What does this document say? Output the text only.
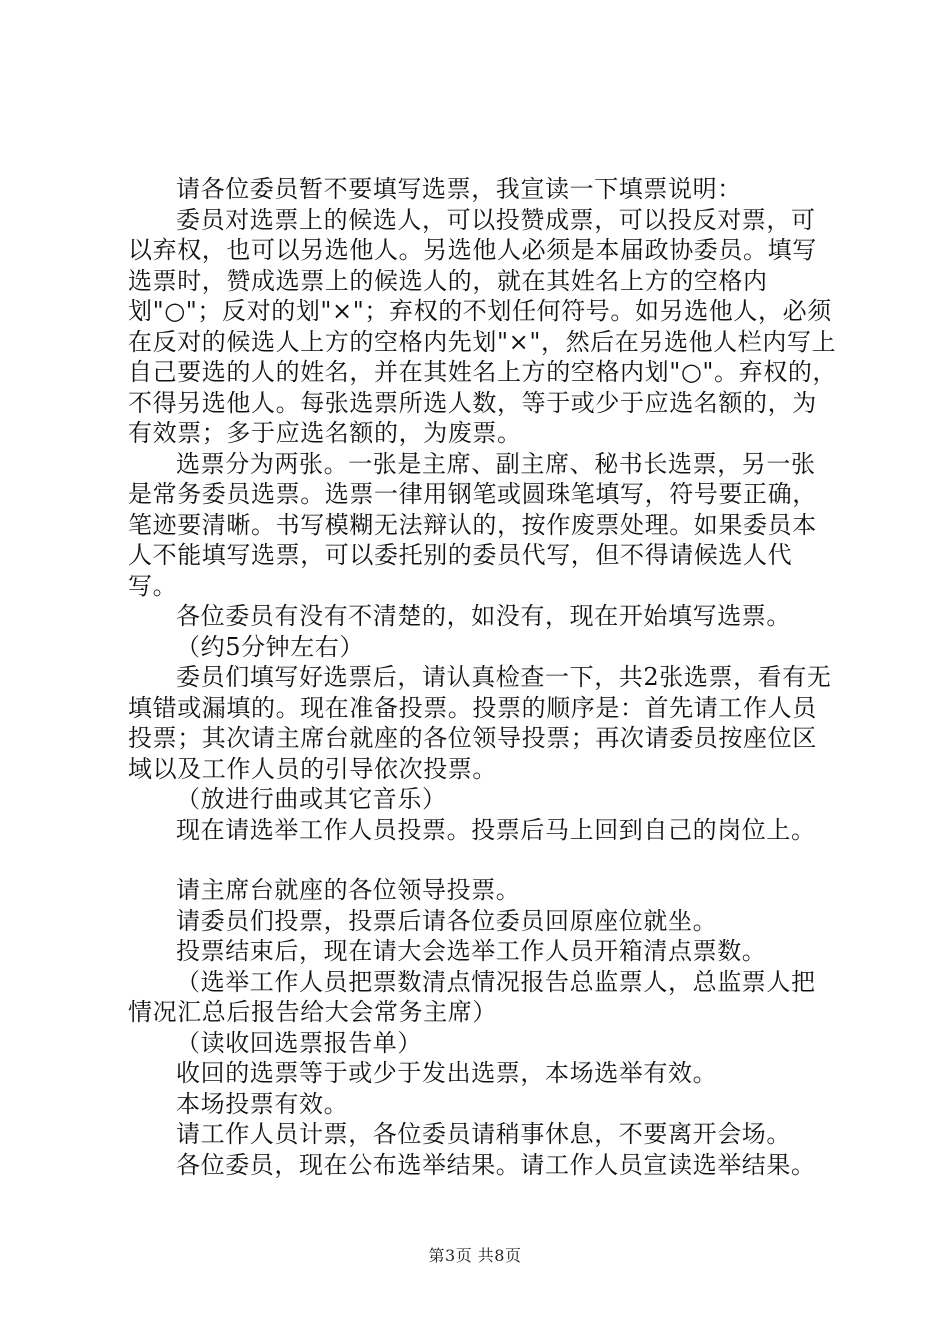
请各位委员暂不要填写选票，我宣读一下填票说明：

委员对选票上的候选人，可以投赞成票，可以投反对票，可以弃权，也可以另选他人。另选他人必须是本届政协委员。填写选票时，赞成选票上的候选人的，就在其姓名上方的空格内划"○"；反对的划"×"；弃权的不划任何符号。如另选他人，必须在反对的候选人上方的空格内先划"×"，然后在另选他人栏内写上自己要选的人的姓名，并在其姓名上方的空格内划"○"。弃权的，不得另选他人。每张选票所选人数，等于或少于应选名额的，为有效票；多于应选名额的，为废票。

选票分为两张。一张是主席、副主席、秘书长选票，另一张是常务委员选票。选票一律用钢笔或圆珠笔填写，符号要正确，笔迹要清晰。书写模糊无法辩认的，按作废票处理。如果委员本人不能填写选票，可以委托别的委员代写，但不得请候选人代写。

各位委员有没有不清楚的，如没有，现在开始填写选票。

（约5分钟左右）

委员们填写好选票后，请认真检查一下，共2张选票，看有无填错或漏填的。现在准备投票。投票的顺序是：首先请工作人员投票；其次请主席台就座的各位领导投票；再次请委员按座位区域以及工作人员的引导依次投票。

（放进行曲或其它音乐）

现在请选举工作人员投票。投票后马上回到自己的岗位上。

请主席台就座的各位领导投票。

请委员们投票，投票后请各位委员回原座位就坐。

投票结束后，现在请大会选举工作人员开箱清点票数。

（选举工作人员把票数清点情况报告总监票人，总监票人把情况汇总后报告给大会常务主席）

（读收回选票报告单）

收回的选票等于或少于发出选票，本场选举有效。

本场投票有效。

请工作人员计票，各位委员请稍事休息，不要离开会场。

各位委员，现在公布选举结果。请工作人员宣读选举结果。

第3页 共8页
